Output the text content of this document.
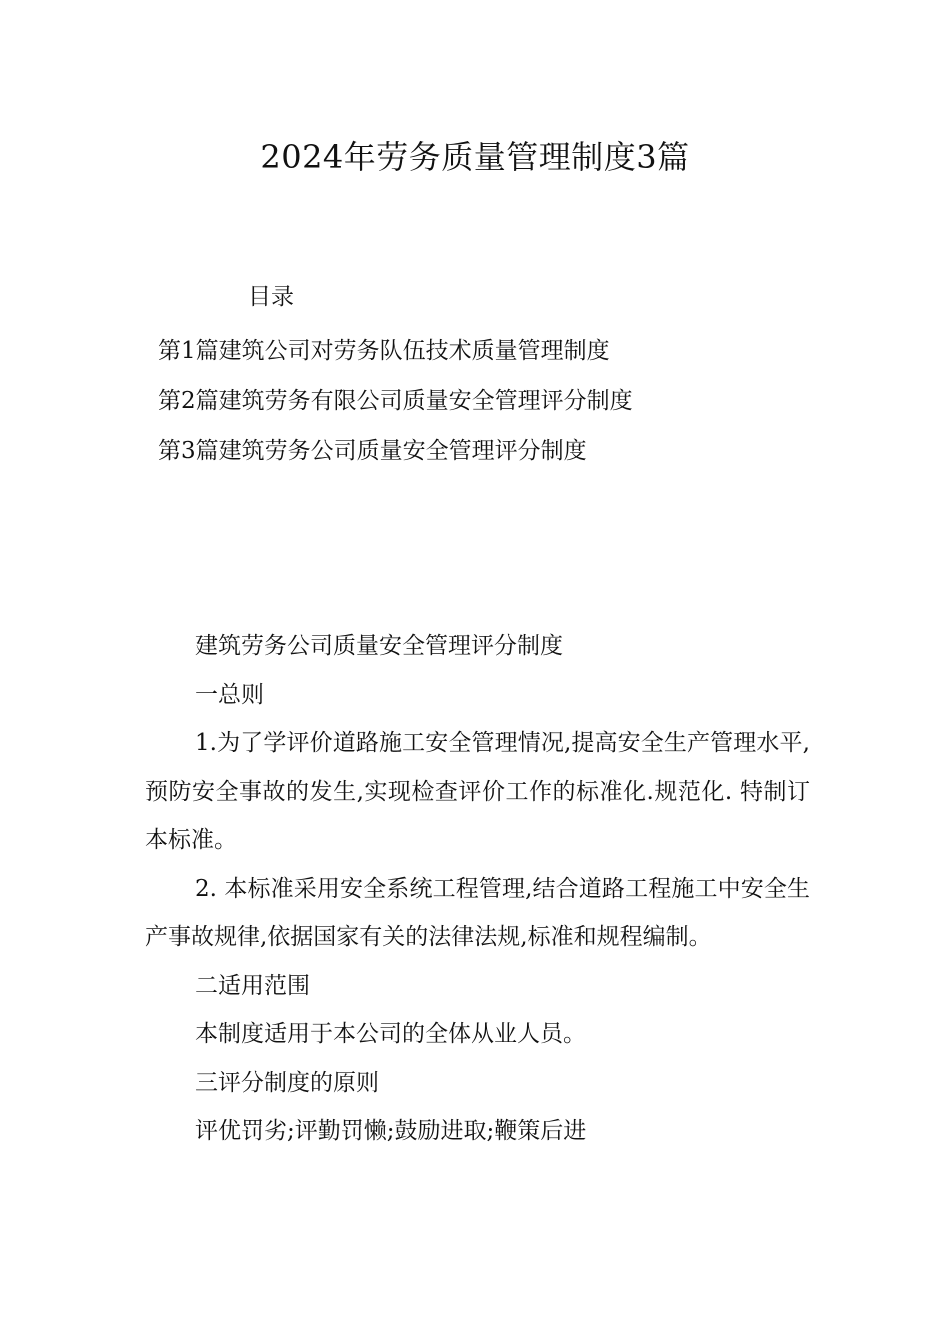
2024年劳务质量管理制度3篇
目录
第1篇建筑公司对劳务队伍技术质量管理制度
第2篇建筑劳务有限公司质量安全管理评分制度
第3篇建筑劳务公司质量安全管理评分制度

建筑劳务公司质量安全管理评分制度

一总则

1.为了学评价道路施工安全管理情况,提高安全生产管理水平,预防安全事故的发生,实现检查评价工作的标准化.规范化. 特制订本标准。

2. 本标准采用安全系统工程管理,结合道路工程施工中安全生产事故规律,依据国家有关的法律法规,标准和规程编制。

二适用范围

本制度适用于本公司的全体从业人员。

三评分制度的原则

评优罚劣;评勤罚懒;鼓励进取;鞭策后进
